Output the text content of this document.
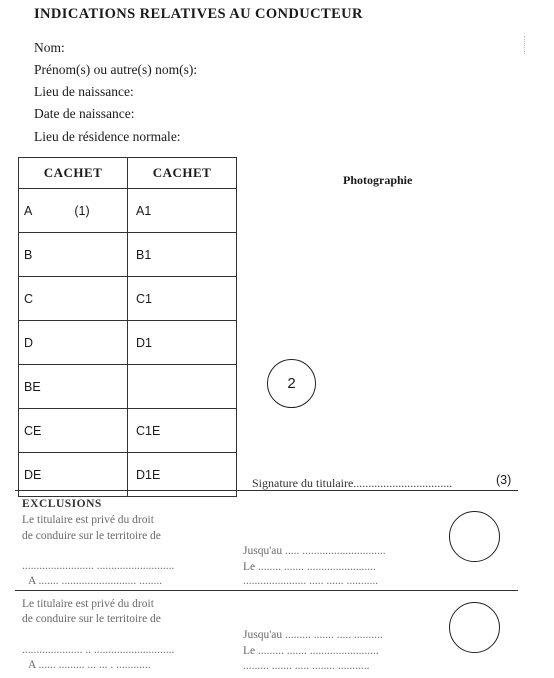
INDICATIONS RELATIVES AU CONDUCTEUR
Nom:
Prénom(s) ou autre(s) nom(s):
Lieu de naissance:
Date de naissance:
Lieu de résidence normale:
CACHET	CACHET
A (1)	A1
B	B1
C	C1
D	D1
BE	
CE	C1E
DE	D1E
Photographie
2
Signature du titulaire.................................	(3)
EXCLUSIONS
Le titulaire est privé du droit
de conduire sur le territoire de
Jusqu'au ..... .............................
......................... ...........................	Le ........ ....... ........................
A ....... .......................... ........	...................... ..... ...... ...........
Le titulaire est privé du droit
de conduire sur le territoire de
Jusqu'au ......... ....... ..... ..........
..................... .. ............................	Le ......... ....... ........................
A ...... ......... ... ... . ............	......... ....... ..... ........ ...........
